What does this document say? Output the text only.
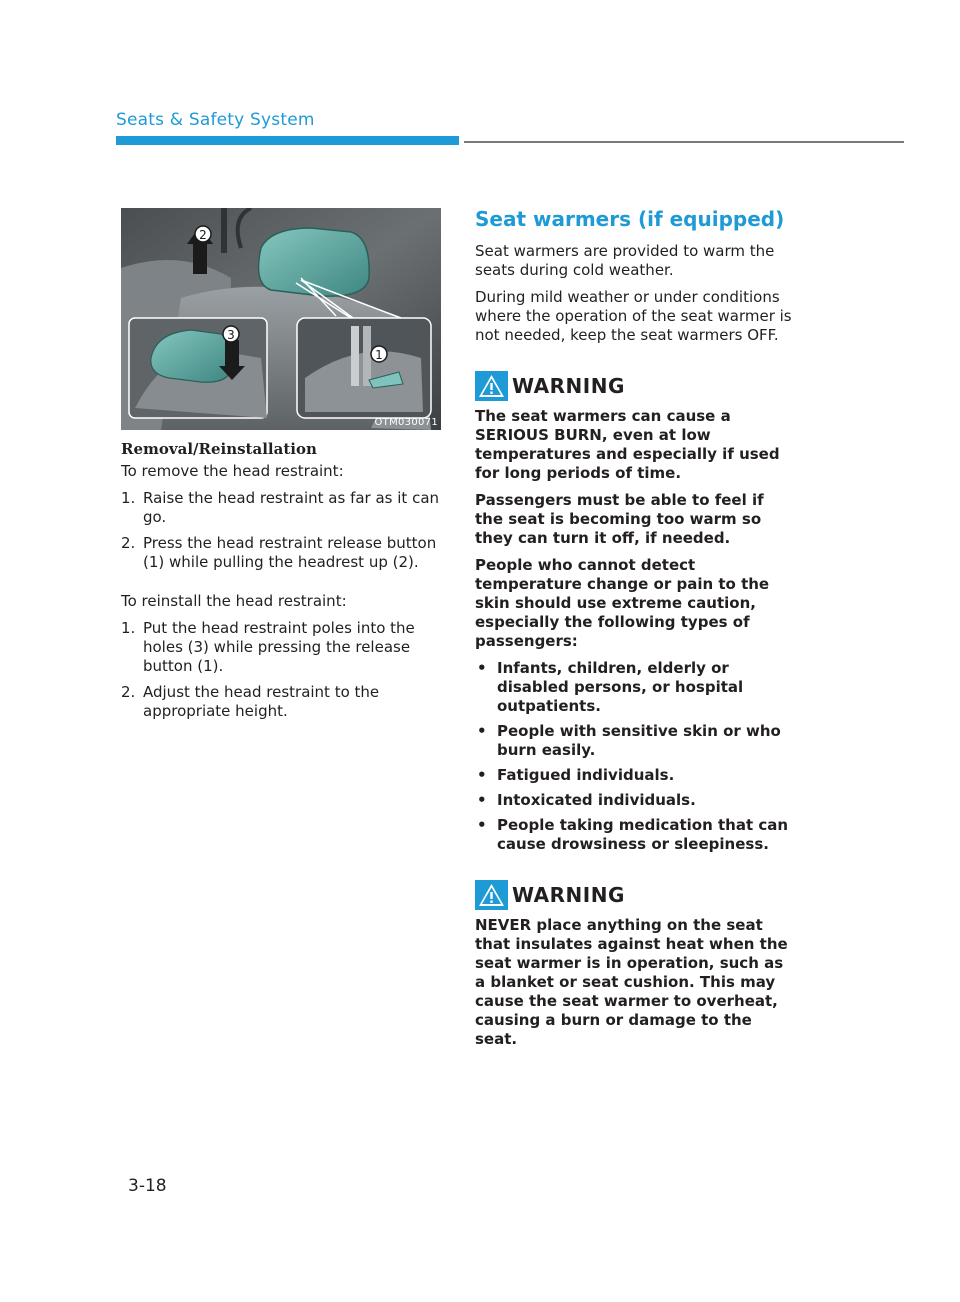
Seats & Safety System
2
3
1
OTM030071
Removal/Reinstallation

To remove the head restraint:

1. Raise the head restraint as far as it can go.
2. Press the head restraint release button (1) while pulling the headrest up (2).

To reinstall the head restraint:

1. Put the head restraint poles into the holes (3) while pressing the release button (1).
2. Adjust the head restraint to the appropriate height.
Seat warmers (if equipped)

Seat warmers are provided to warm the seats during cold weather.

During mild weather or under conditions where the operation of the seat warmer is not needed, keep the seat warmers OFF.

WARNING

The seat warmers can cause a SERIOUS BURN, even at low temperatures and especially if used for long periods of time.

Passengers must be able to feel if the seat is becoming too warm so they can turn it off, if needed.

People who cannot detect temperature change or pain to the skin should use extreme caution, especially the following types of passengers:

• Infants, children, elderly or disabled persons, or hospital outpatients.
• People with sensitive skin or who burn easily.
• Fatigued individuals.
• Intoxicated individuals.
• People taking medication that can cause drowsiness or sleepiness.
WARNING

NEVER place anything on the seat that insulates against heat when the seat warmer is in operation, such as a blanket or seat cushion. This may cause the seat warmer to overheat, causing a burn or damage to the seat.

3-18
